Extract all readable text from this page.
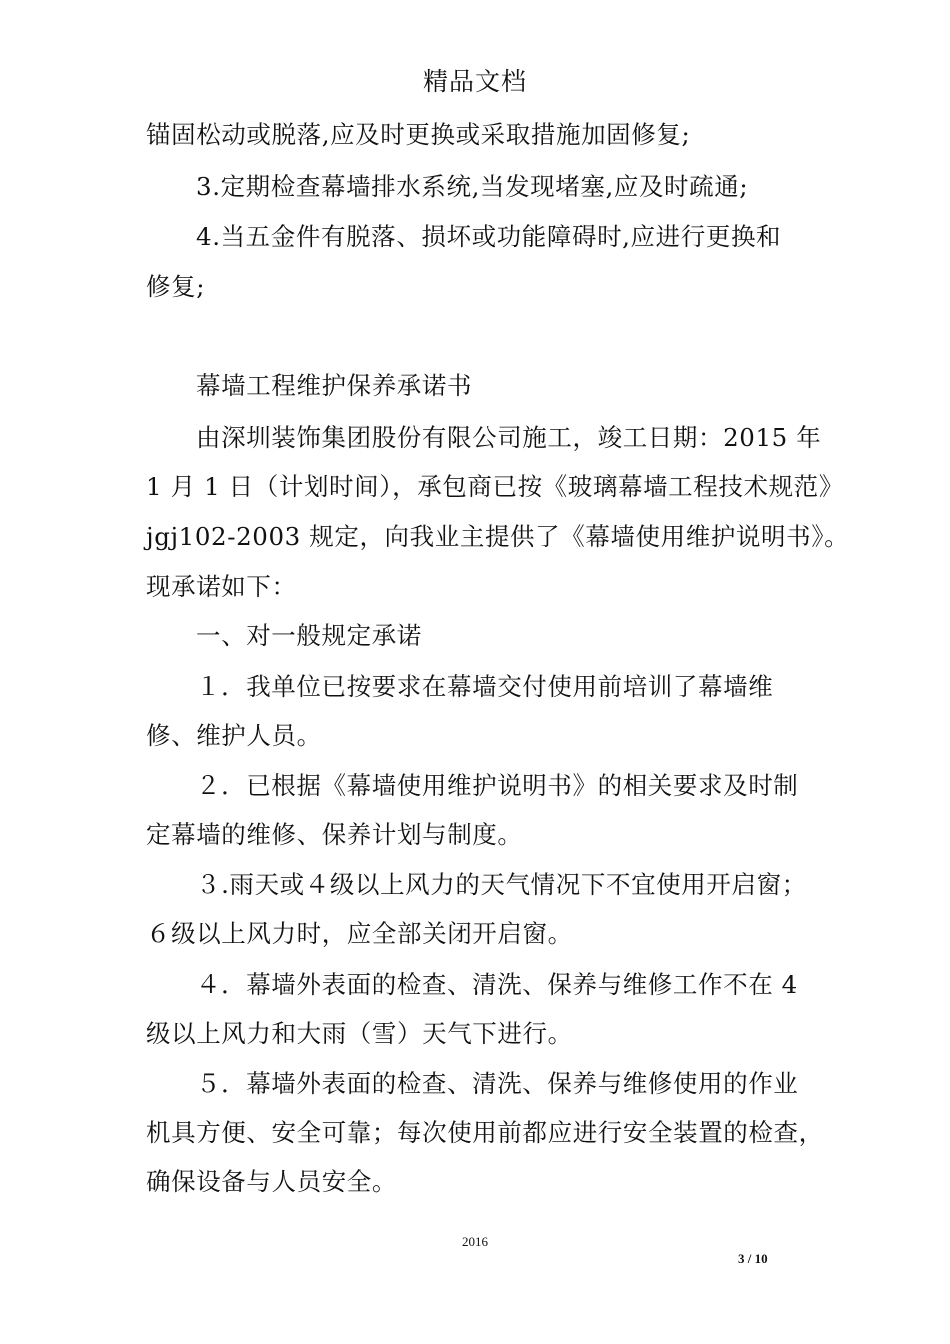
精品文档
锚固松动或脱落,应及时更换或采取措施加固修复;
3.定期检查幕墙排水系统,当发现堵塞,应及时疏通;
4.当五金件有脱落、损坏或功能障碍时,应进行更换和
修复;
幕墙工程维护保养承诺书
由深圳装饰集团股份有限公司施工，竣工日期：2015 年
1 月 1 日（计划时间），承包商已按《玻璃幕墙工程技术规范》
jgj102-2003 规定，向我业主提供了《幕墙使用维护说明书》。
现承诺如下：
一、对一般规定承诺
１．我单位已按要求在幕墙交付使用前培训了幕墙维
修、维护人员。
２．已根据《幕墙使用维护说明书》的相关要求及时制
定幕墙的维修、保养计划与制度。
３.雨天或４级以上风力的天气情况下不宜使用开启窗；
６级以上风力时，应全部关闭开启窗。
４．幕墙外表面的检查、清洗、保养与维修工作不在 4
级以上风力和大雨（雪）天气下进行。
５．幕墙外表面的检查、清洗、保养与维修使用的作业
机具方便、安全可靠；每次使用前都应进行安全装置的检查，
确保设备与人员安全。
2016
3 / 10
